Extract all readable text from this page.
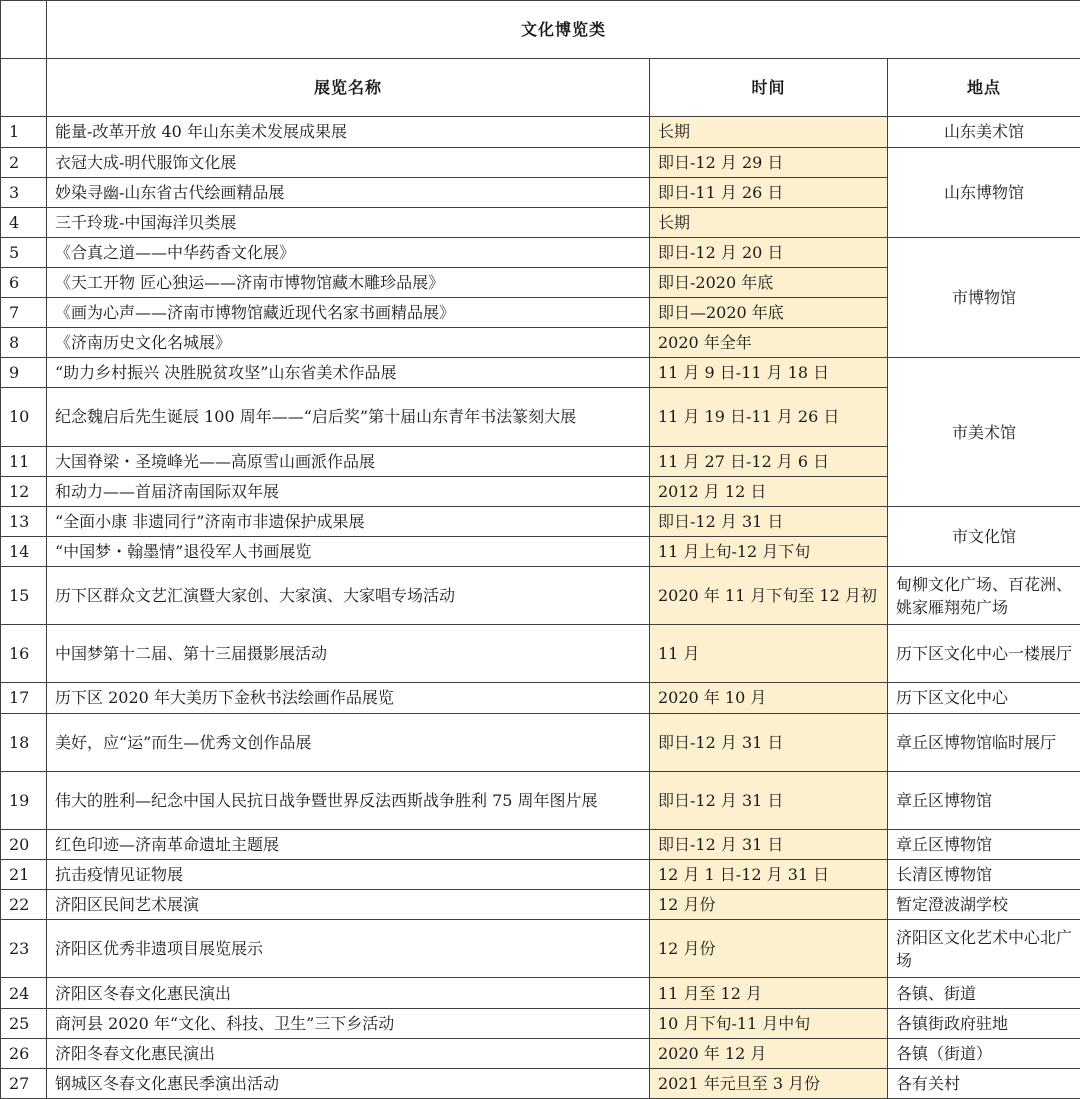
	文化博览类		
	展览名称	时间	地点
1	能量-改革开放 40 年山东美术发展成果展	长期	山东美术馆
2	衣冠大成-明代服饰文化展	即日-12 月 29 日	山东博物馆
3	妙染寻幽-山东省古代绘画精品展	即日-11 月 26 日	
4	三千玲珑-中国海洋贝类展	长期	
5	《合真之道——中华药香文化展》	即日-12 月 20 日	市博物馆
6	《天工开物 匠心独运——济南市博物馆藏木雕珍品展》	即日-2020 年底	
7	《画为心声——济南市博物馆藏近现代名家书画精品展》	即日—2020 年底	
8	《济南历史文化名城展》	2020 年全年	
9	“助力乡村振兴 决胜脱贫攻坚”山东省美术作品展	11 月 9 日-11 月 18 日	市美术馆
10	纪念魏启后先生诞辰 100 周年——“启后奖”第十届山东青年书法篆刻大展	11 月 19 日-11 月 26 日	
11	大国脊梁・圣境峰光——高原雪山画派作品展	11 月 27 日-12 月 6 日	
12	和动力——首届济南国际双年展	2012 月 12 日	
13	“全面小康 非遗同行”济南市非遗保护成果展	即日-12 月 31 日	市文化馆
14	“中国梦・翰墨情”退役军人书画展览	11 月上旬-12 月下旬	
15	历下区群众文艺汇演暨大家创、大家演、大家唱专场活动	2020 年 11 月下旬至 12 月初	甸柳文化广场、百花洲、姚家雁翔苑广场
16	中国梦第十二届、第十三届摄影展活动	11 月	历下区文化中心一楼展厅
17	历下区 2020 年大美历下金秋书法绘画作品展览	2020 年 10 月	历下区文化中心
18	美好，应“运”而生—优秀文创作品展	即日-12 月 31 日	章丘区博物馆临时展厅
19	伟大的胜利—纪念中国人民抗日战争暨世界反法西斯战争胜利 75 周年图片展	即日-12 月 31 日	章丘区博物馆
20	红色印迹—济南革命遗址主题展	即日-12 月 31 日	章丘区博物馆
21	抗击疫情见证物展	12 月 1 日-12 月 31 日	长清区博物馆
22	济阳区民间艺术展演	12 月份	暂定澄波湖学校
23	济阳区优秀非遗项目展览展示	12 月份	济阳区文化艺术中心北广场
24	济阳区冬春文化惠民演出	11 月至 12 月	各镇、街道
25	商河县 2020 年“文化、科技、卫生”三下乡活动	10 月下旬-11 月中旬	各镇街政府驻地
26	济阳冬春文化惠民演出	2020 年 12 月	各镇（街道）
27	钢城区冬春文化惠民季演出活动	2021 年元旦至 3 月份	各有关村
